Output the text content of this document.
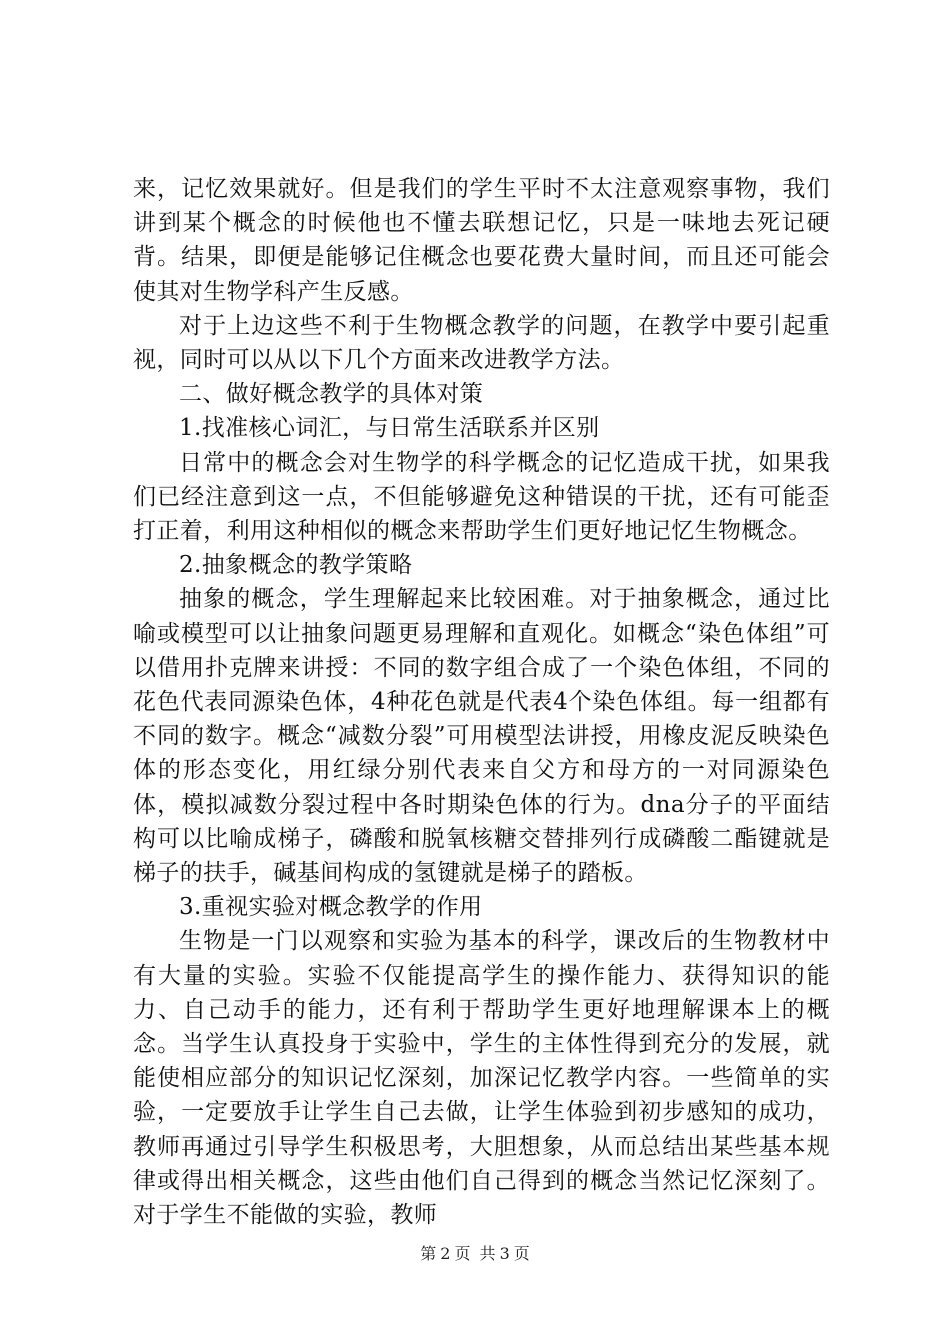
来，记忆效果就好。但是我们的学生平时不太注意观察事物，我们讲到某个概念的时候他也不懂去联想记忆，只是一味地去死记硬背。结果，即便是能够记住概念也要花费大量时间，而且还可能会使其对生物学科产生反感。

对于上边这些不利于生物概念教学的问题，在教学中要引起重视，同时可以从以下几个方面来改进教学方法。

二、做好概念教学的具体对策

1.找准核心词汇，与日常生活联系并区别

日常中的概念会对生物学的科学概念的记忆造成干扰，如果我们已经注意到这一点，不但能够避免这种错误的干扰，还有可能歪打正着，利用这种相似的概念来帮助学生们更好地记忆生物概念。

2.抽象概念的教学策略

抽象的概念，学生理解起来比较困难。对于抽象概念，通过比喻或模型可以让抽象问题更易理解和直观化。如概念“染色体组”可以借用扑克牌来讲授：不同的数字组合成了一个染色体组，不同的花色代表同源染色体，4种花色就是代表4个染色体组。每一组都有不同的数字。概念“减数分裂”可用模型法讲授，用橡皮泥反映染色体的形态变化，用红绿分别代表来自父方和母方的一对同源染色体，模拟减数分裂过程中各时期染色体的行为。dna分子的平面结构可以比喻成梯子，磷酸和脱氧核糖交替排列行成磷酸二酯键就是梯子的扶手，碱基间构成的氢键就是梯子的踏板。

3.重视实验对概念教学的作用

生物是一门以观察和实验为基本的科学，课改后的生物教材中有大量的实验。实验不仅能提高学生的操作能力、获得知识的能力、自己动手的能力，还有利于帮助学生更好地理解课本上的概念。当学生认真投身于实验中，学生的主体性得到充分的发展，就能使相应部分的知识记忆深刻，加深记忆教学内容。一些简单的实验，一定要放手让学生自己去做，让学生体验到初步感知的成功，教师再通过引导学生积极思考，大胆想象，从而总结出某些基本规律或得出相关概念，这些由他们自己得到的概念当然记忆深刻了。对于学生不能做的实验，教师

第 2 页 共 3 页
